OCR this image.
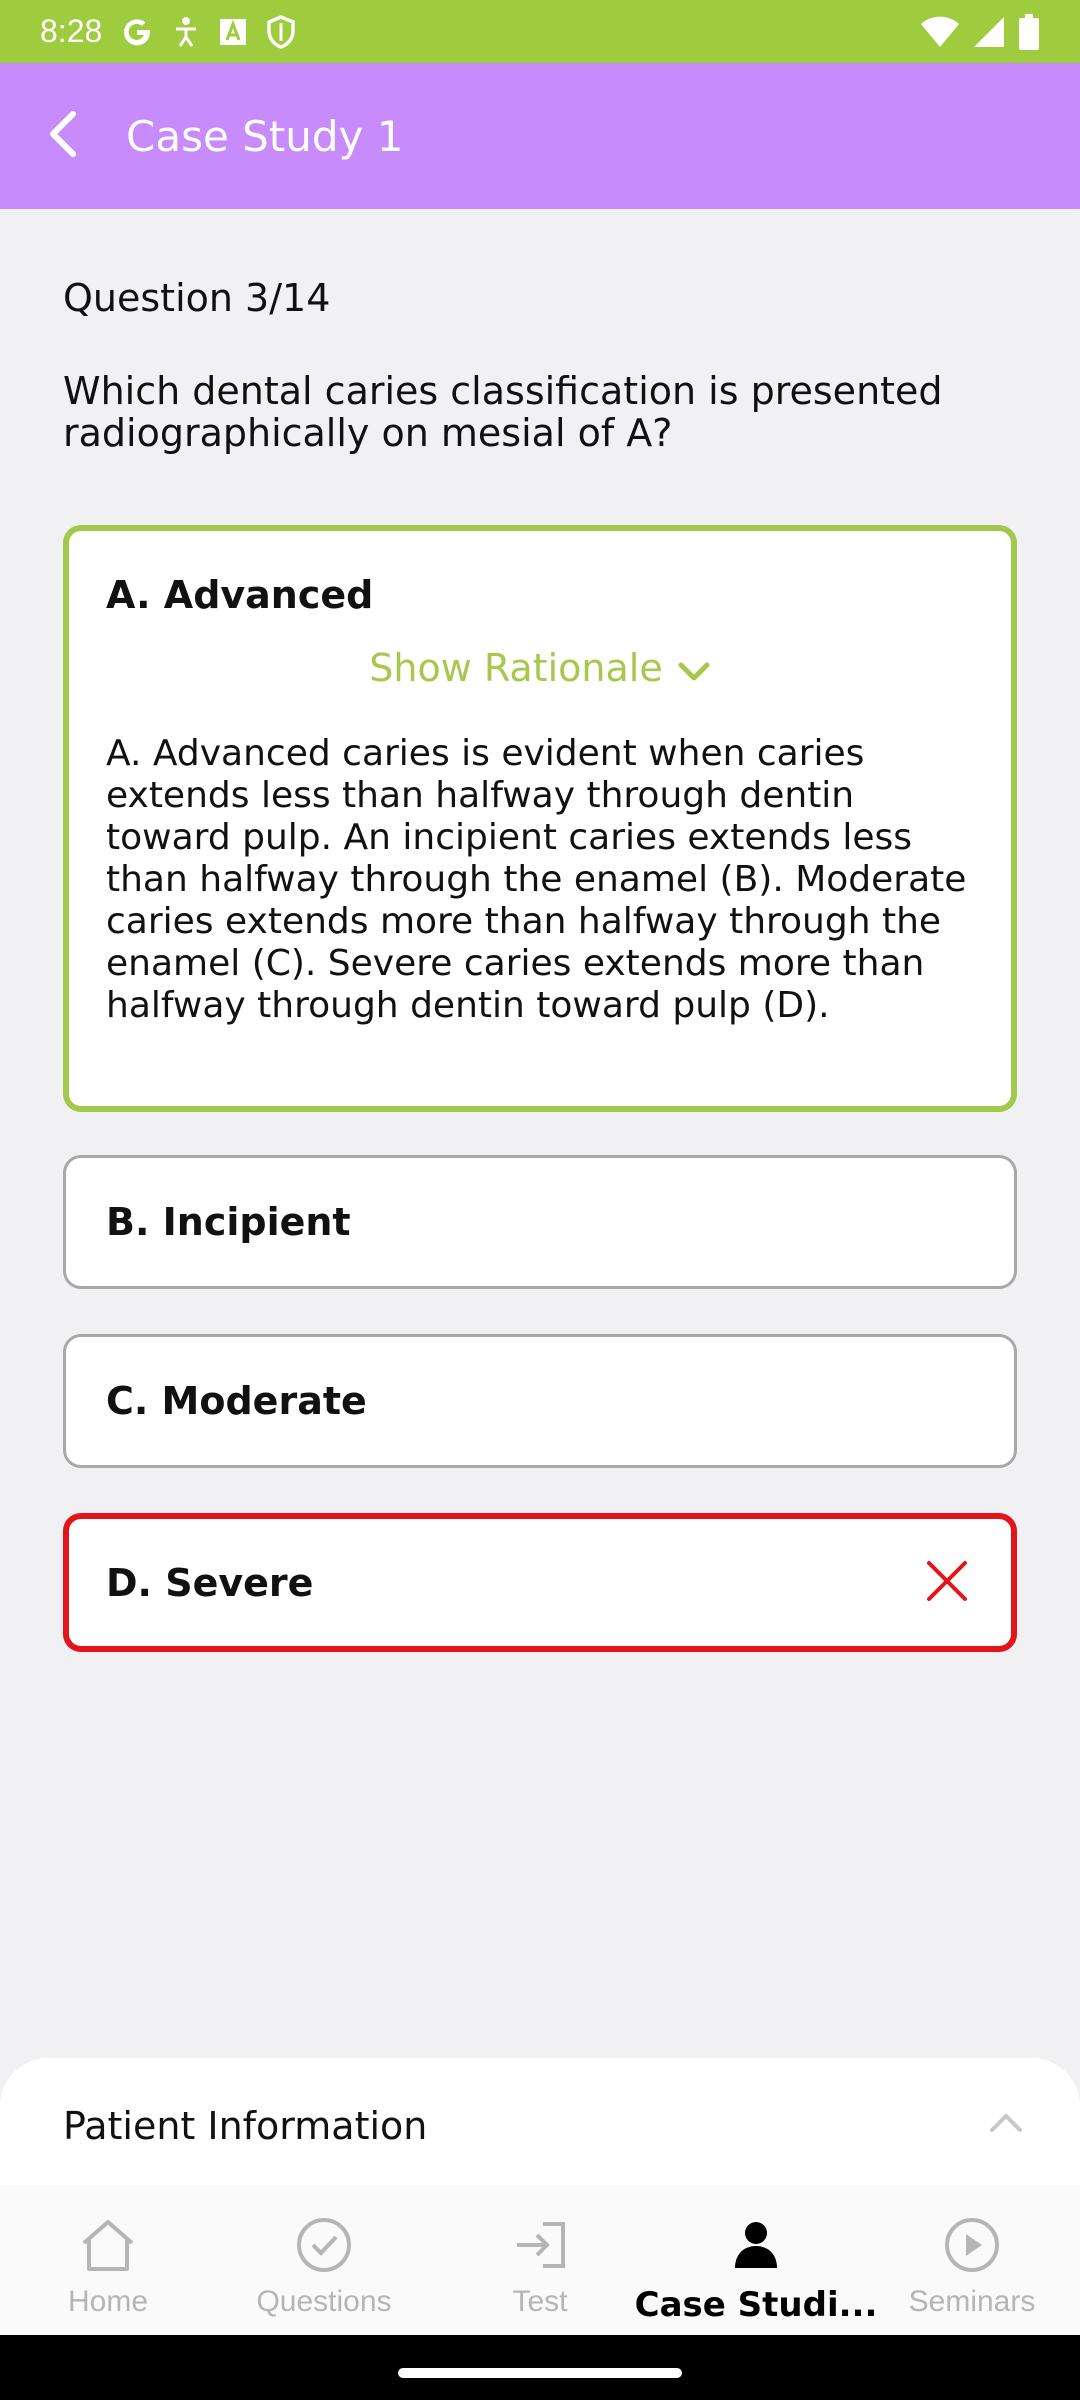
8:28
Case Study 1
Question 3/14
Which dental caries classification is presented radiographically on mesial of A?
A. Advanced
Show Rationale
A. Advanced caries is evident when caries extends less than halfway through dentin toward pulp. An incipient caries extends less than halfway through the enamel (B). Moderate caries extends more than halfway through the enamel (C). Severe caries extends more than halfway through dentin toward pulp (D).
B. Incipient
C. Moderate
D. Severe
Patient Information
Home	Questions	Test Case Studi... Seminars
